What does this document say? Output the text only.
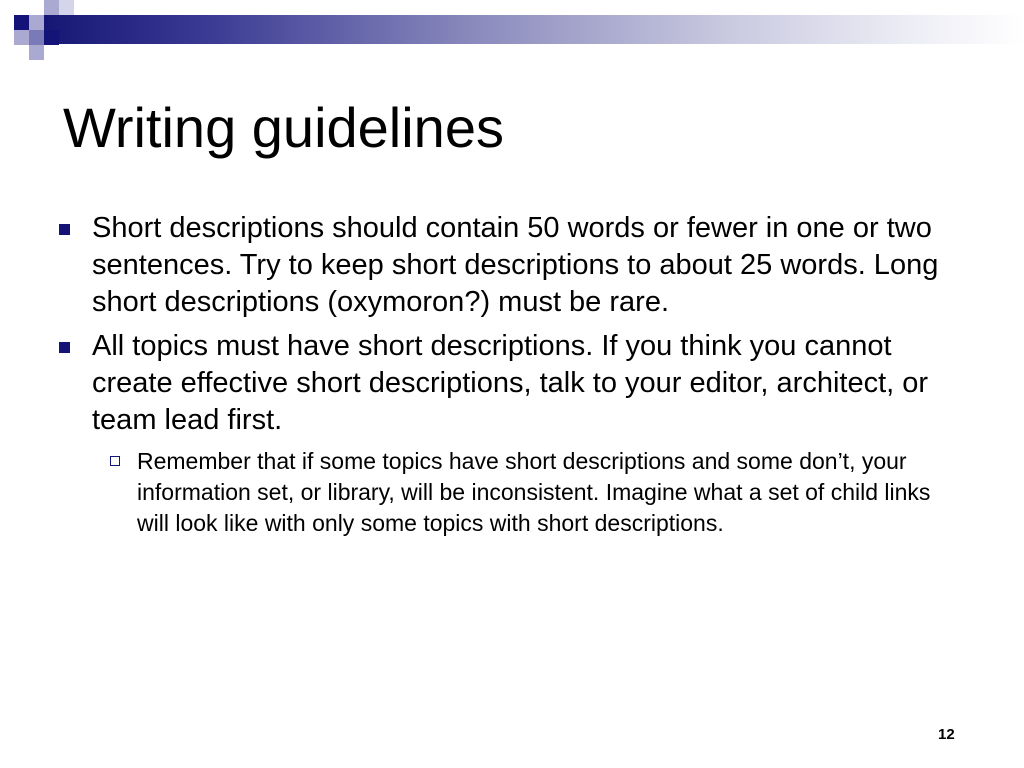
Writing guidelines
Short descriptions should contain 50 words or fewer in one or two sentences. Try to keep short descriptions to about 25 words. Long short descriptions (oxymoron?) must be rare.
All topics must have short descriptions. If you think you cannot create effective short descriptions, talk to your editor, architect, or team lead first.
Remember that if some topics have short descriptions and some don’t, your information set, or library, will be inconsistent. Imagine what a set of child links will look like with only some topics with short descriptions.
12
